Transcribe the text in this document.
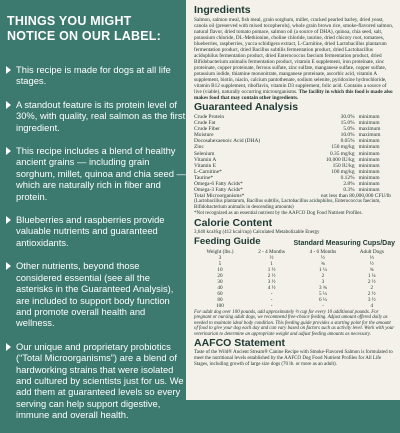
THINGS YOU MIGHT NOTICE ON OUR LABEL:
This recipe is made for dogs at all life stages.
A standout feature is its protein level of 30%, with quality, real salmon as the first ingredient.
This recipe includes a blend of healthy ancient grains — including grain sorghum, millet, quinoa and chia seed — which are naturally rich in fiber and protein.
Blueberries and raspberries provide valuable nutrients and guaranteed antioxidants.
Other nutrients, beyond those considered essential (see all the asterisks in the Guaranteed Analysis), are included to support body function and promote overall health and wellness.
Our unique and proprietary probiotics (“Total Microorganisms”) are a blend of hardworking strains that were isolated and cultured by scientists just for us. We add them at guaranteed levels so every serving can help support digestive, immune and overall health.
Ingredients

Salmon, salmon meal, fish meal, grain sorghum, millet, cracked pearled barley, dried yeast, canola oil (preserved with mixed tocopherols), whole grain brown rice, smoke-flavored salmon, natural flavor, dried tomato pomace, salmon oil (a source of DHA), quinoa, chia seed, salt, potassium chloride, DL-Methionine, choline chloride, taurine, dried chicory root, tomatoes, blueberries, raspberries, yucca schidigera extract, L-Carnitine, dried Lactobacillus plantarum fermentation product, dried Bacillus subtilis fermentation product, dried Lactobacillus acidophilus fermentation product, dried Enterococcus faecium fermentation product, dried Bifidobacterium animalis fermentation product, vitamin E supplement, iron proteinate, zinc proteinate, copper proteinate, ferrous sulfate, zinc sulfate, manganese sulfate, copper sulfate, potassium iodide, thiamine mononitrate, manganese proteinate, ascorbic acid, vitamin A supplement, biotin, niacin, calcium pantothenate, sodium selenite, pyridoxine hydrochloride, vitamin B12 supplement, riboflavin, vitamin D3 supplement, folic acid. Contains a source of live (viable), naturally occurring microorganisms. The facility in which this food is made also makes food that may contain other ingredients.

Guaranteed Analysis
Crude Protein	30.0%	minimum
Crude Fat	15.0%	minimum
Crude Fiber	5.0%	maximum
Moisture	10.0%	maximum
Docosahexaenoic Acid (DHA)	0.05%	minimum
Zinc	150 mg/kg	minimum
Selenium	0.35 mg/kg	minimum
Vitamin A	10,000 IU/kg	minimum
Vitamin E	150 IU/kg	minimum
L-Carnitine*	100 mg/kg	minimum
Taurine*	0.12%	minimum
Omega-6 Fatty Acids*	2.8%	minimum
Omega-3 Fatty Acids*	0.3%	minimum
Total Microorganisms*	not less than 80,000,000 CFU/lb

(Lactobacillus plantarum, Bacillus subtilis, Lactobacillus acidophilus, Enterococcus faecium, Bifidobacterium animalis in descending amounts)

*Not recognized as an essential nutrient by the AAFCO Dog Food Nutrient Profiles.

Calorie Content

3,640 kcal/kg (412 kcal/cup) Calculated Metabolizable Energy

Feeding Guide	Standard Measuring Cups/Day
Weight (lbs.)	2 - 4 Months	4 - 6 Months	Adult Dogs
3	½	½	⅓
5	1	¾	½
10	1 ½	1 ¼	¾
20	2 ½	2	1 ¼
30	3 ½	3	2 ½
40	4 ½	3 ¾	2
60	-	5 ¼	2 ½
80	-	6 ¼	3 ½
100	-	-	4

For adult dog over 100 pounds, add approximately ⅓ cup for every 10 additional pounds. For pregnant or nursing adult dogs, we recommend free-choice feeding. Adjust amount offered daily as needed to maintain ideal body condition. This feeding guide provides a starting point for the amount of food to give your dog each day and can vary based on factors such as activity level. Work with your veterinarian to determine an appropriate weight and adjust feeding amounts as necessary.

AAFCO Statement

Taste of the Wild® Ancient Stream® Canine Recipe with Smoke-Flavored Salmon is formulated to meet the nutritional levels established by the AAFCO Dog Food Nutrient Profiles for All Life Stages, including growth of large size dogs (70 lb. or more as an adult).
